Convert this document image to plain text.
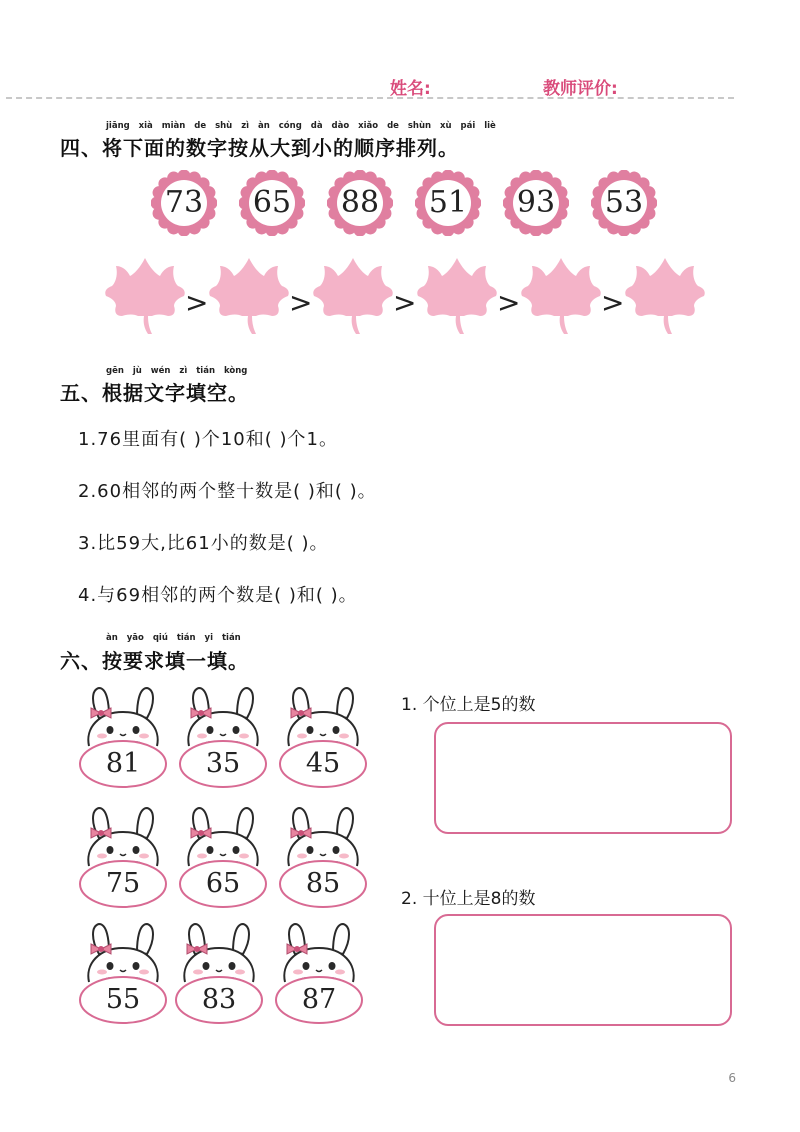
姓名:	教师评价:
jiāng xià miàn de shù zì àn cóng dà dào xiǎo de shùn xù pái liè
四、将下面的数字按从大到小的顺序排列。
73	65	88	51	93	53
>	>	>	>	>
gēn jù wén zì tián kòng
五、根据文字填空。
1.76里面有( )个10和( )个1。
2.60相邻的两个整十数是( )和( )。
3.比59大,比61小的数是( )。
4.与69相邻的两个数是( )和( )。
àn yāo qiú tián yi tián
六、按要求填一填。
81	35	45
75	65	85
55	83	87
1. 个位上是5的数
2. 十位上是8的数
6
